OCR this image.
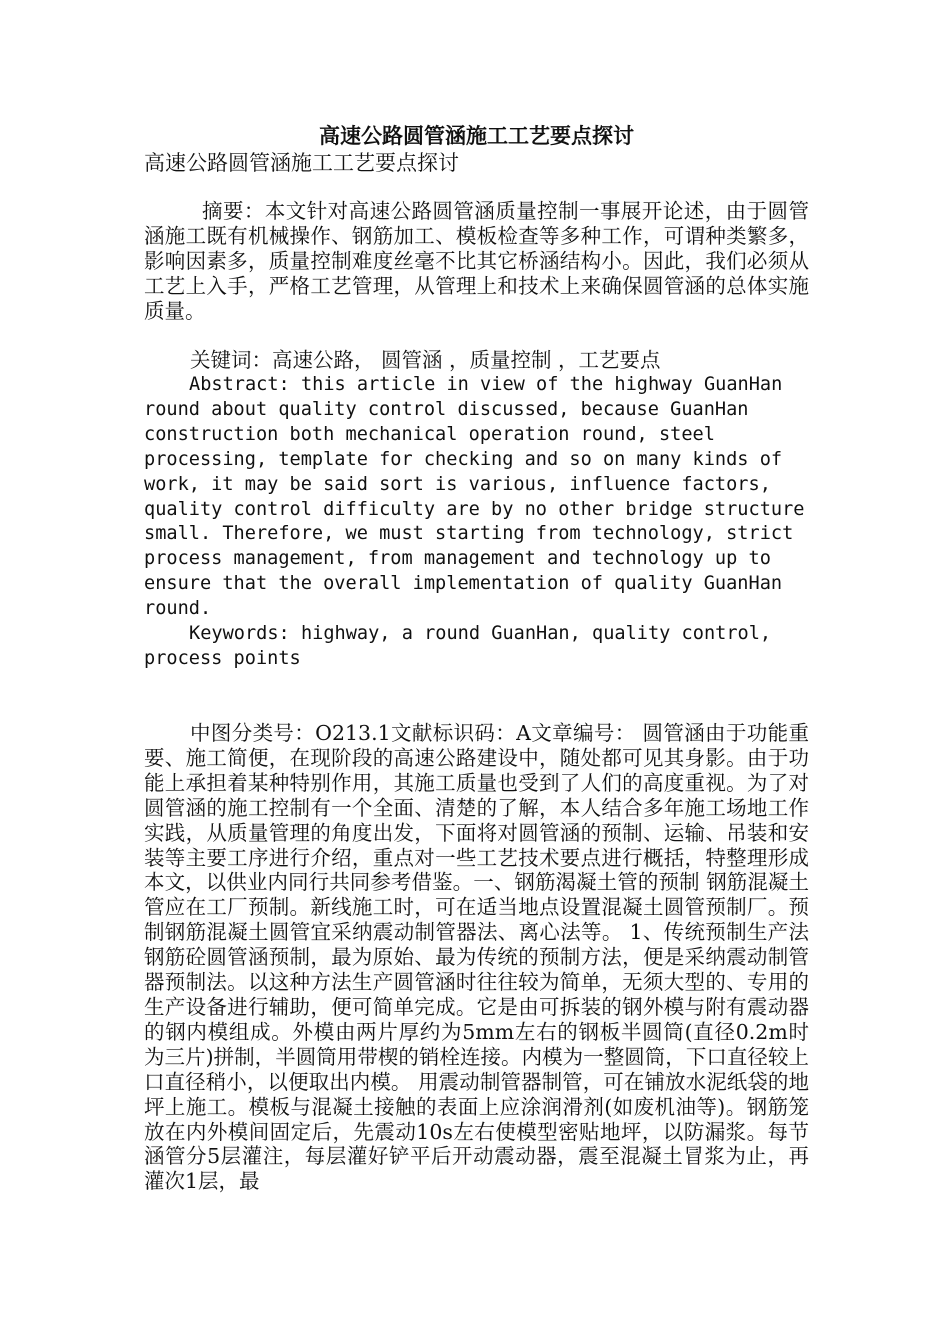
高速公路圆管涵施工工艺要点探讨

高速公路圆管涵施工工艺要点探讨

摘要：本文针对高速公路圆管涵质量控制一事展开论述，由于圆管涵施工既有机械操作、钢筋加工、模板检查等多种工作，可谓种类繁多，影响因素多，质量控制难度丝毫不比其它桥涵结构小。因此，我们必须从工艺上入手，严格工艺管理，从管理上和技术上来确保圆管涵的总体实施质量。

关键词：高速公路， 圆管涵 ，质量控制 ，工艺要点

Abstract: this article in view of the highway GuanHan round about quality control discussed, because GuanHan construction both mechanical operation round, steel processing, template for checking and so on many kinds of work, it may be said sort is various, influence factors, quality control difficulty are by no other bridge structure small. Therefore, we must starting from technology, strict process management, from management and technology up to ensure that the overall implementation of quality GuanHan round.

Keywords: highway, a round GuanHan, quality control, process points

中图分类号：O213.1文献标识码：A文章编号： 圆管涵由于功能重要、施工简便，在现阶段的高速公路建设中，随处都可见其身影。由于功能上承担着某种特别作用，其施工质量也受到了人们的高度重视。为了对圆管涵的施工控制有一个全面、清楚的了解，本人结合多年施工场地工作实践，从质量管理的角度出发，下面将对圆管涵的预制、运输、吊装和安装等主要工序进行介绍，重点对一些工艺技术要点进行概括，特整理形成本文，以供业内同行共同参考借鉴。一、钢筋渴凝土管的预制 钢筋混凝土管应在工厂预制。新线施工时，可在适当地点设置混凝土圆管预制厂。预制钢筋混凝土圆管宜采纳震动制管器法、离心法等。 1、传统预制生产法 钢筋砼圆管涵预制，最为原始、最为传统的预制方法，便是采纳震动制管器预制法。以这种方法生产圆管涵时往往较为简单，无须大型的、专用的生产设备进行辅助，便可简单完成。它是由可拆装的钢外模与附有震动器的钢内模组成。外模由两片厚约为5mm左右的钢板半圆筒(直径0.2m时为三片)拼制，半圆筒用带楔的销栓连接。内模为一整圆筒，下口直径较上口直径稍小，以便取出内模。 用震动制管器制管，可在铺放水泥纸袋的地坪上施工。模板与混凝土接触的表面上应涂润滑剂(如废机油等)。钢筋笼放在内外模间固定后，先震动10s左右使模型密贴地坪，以防漏浆。每节涵管分5层灌注，每层灌好铲平后开动震动器，震至混凝土冒浆为止，再灌次1层，最
